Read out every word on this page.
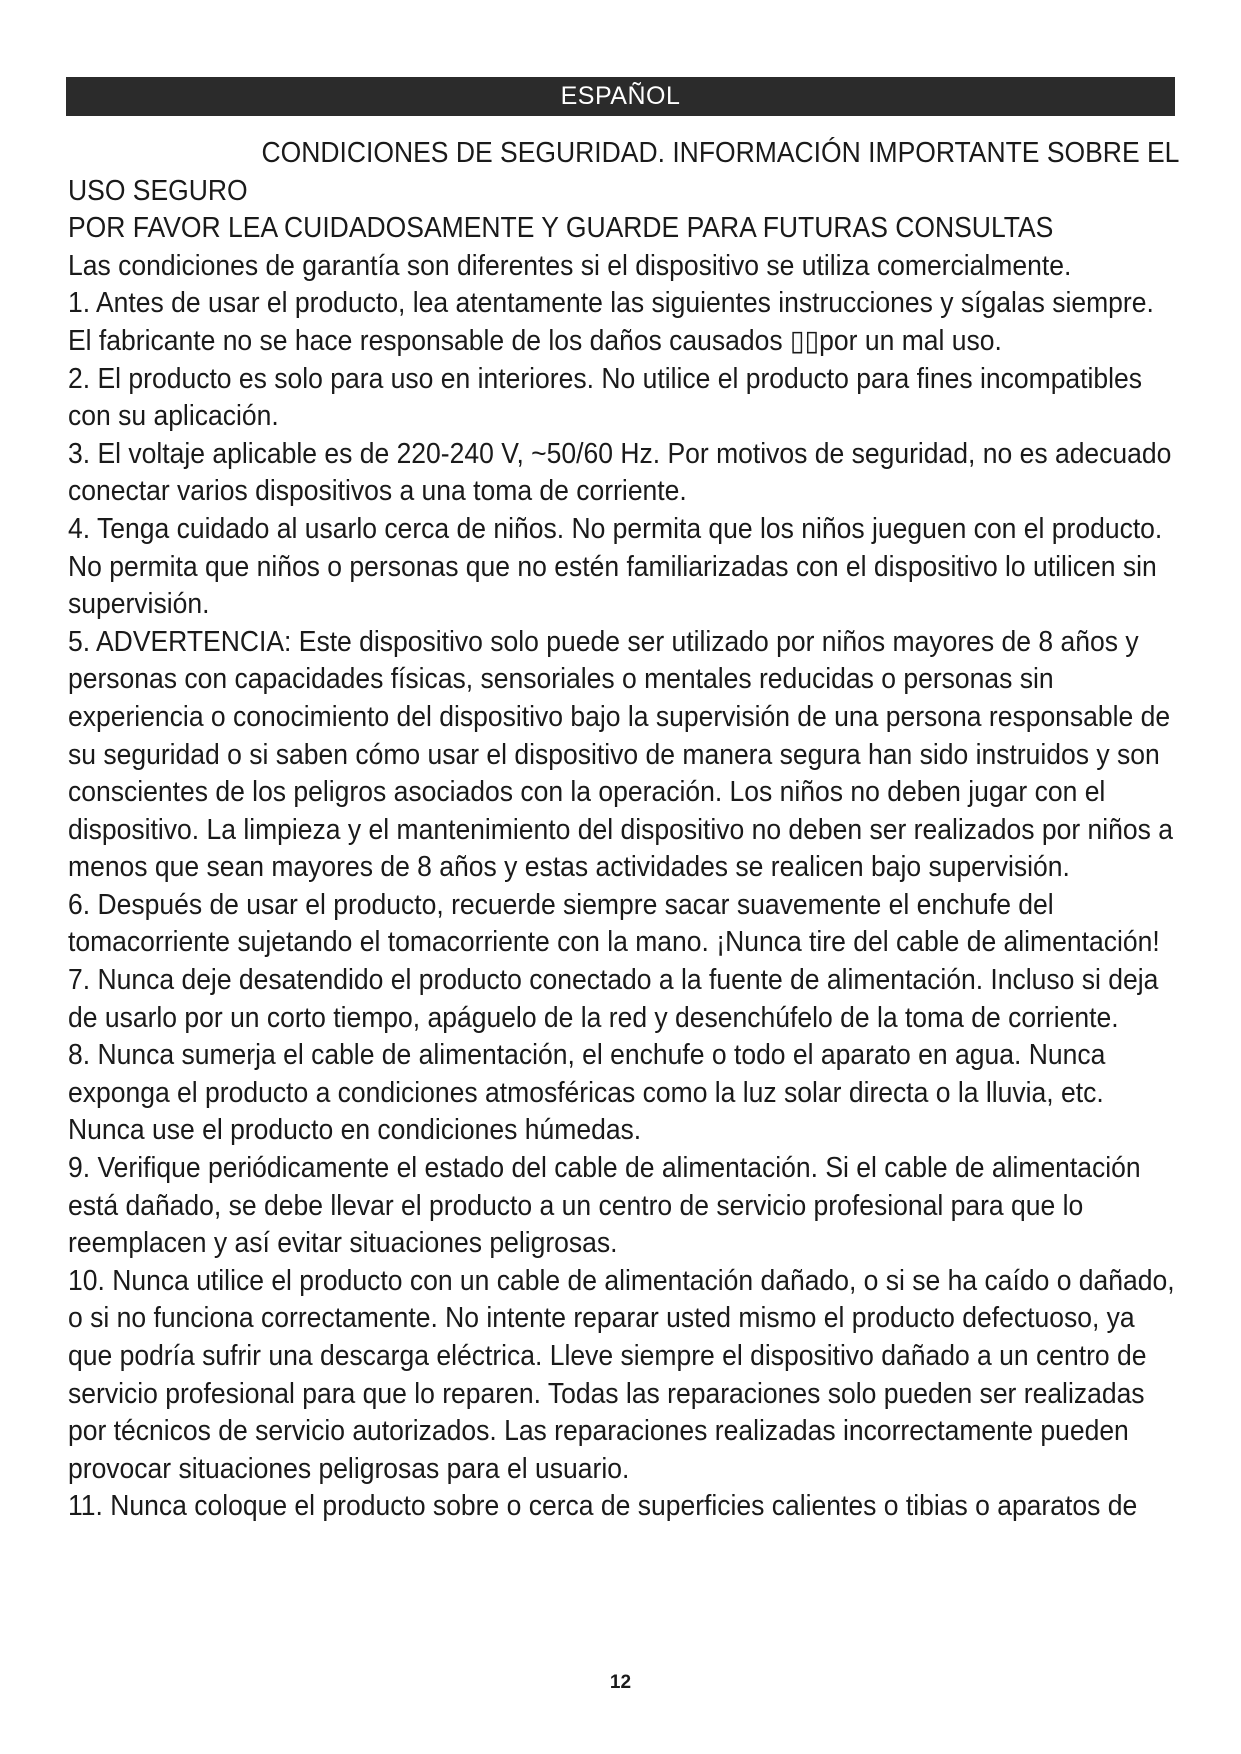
ESPAÑOL

CONDICIONES DE SEGURIDAD. INFORMACIÓN IMPORTANTE SOBRE EL USO SEGURO

POR FAVOR LEA CUIDADOSAMENTE Y GUARDE PARA FUTURAS CONSULTAS

Las condiciones de garantía son diferentes si el dispositivo se utiliza comercialmente.

1. Antes de usar el producto, lea atentamente las siguientes instrucciones y sígalas siempre. El fabricante no se hace responsable de los daños causados ▯▯por un mal uso.

2. El producto es solo para uso en interiores. No utilice el producto para fines incompatibles con su aplicación.

3. El voltaje aplicable es de 220-240 V, ~50/60 Hz. Por motivos de seguridad, no es adecuado conectar varios dispositivos a una toma de corriente.

4. Tenga cuidado al usarlo cerca de niños. No permita que los niños jueguen con el producto. No permita que niños o personas que no estén familiarizadas con el dispositivo lo utilicen sin supervisión.

5. ADVERTENCIA: Este dispositivo solo puede ser utilizado por niños mayores de 8 años y personas con capacidades físicas, sensoriales o mentales reducidas o personas sin experiencia o conocimiento del dispositivo bajo la supervisión de una persona responsable de su seguridad o si saben cómo usar el dispositivo de manera segura han sido instruidos y son conscientes de los peligros asociados con la operación. Los niños no deben jugar con el dispositivo. La limpieza y el mantenimiento del dispositivo no deben ser realizados por niños a menos que sean mayores de 8 años y estas actividades se realicen bajo supervisión.

6. Después de usar el producto, recuerde siempre sacar suavemente el enchufe del tomacorriente sujetando el tomacorriente con la mano. ¡Nunca tire del cable de alimentación!

7. Nunca deje desatendido el producto conectado a la fuente de alimentación. Incluso si deja de usarlo por un corto tiempo, apáguelo de la red y desenchúfelo de la toma de corriente.

8. Nunca sumerja el cable de alimentación, el enchufe o todo el aparato en agua. Nunca exponga el producto a condiciones atmosféricas como la luz solar directa o la lluvia, etc. Nunca use el producto en condiciones húmedas.

9. Verifique periódicamente el estado del cable de alimentación. Si el cable de alimentación está dañado, se debe llevar el producto a un centro de servicio profesional para que lo reemplacen y así evitar situaciones peligrosas.

10. Nunca utilice el producto con un cable de alimentación dañado, o si se ha caído o dañado, o si no funciona correctamente. No intente reparar usted mismo el producto defectuoso, ya que podría sufrir una descarga eléctrica. Lleve siempre el dispositivo dañado a un centro de servicio profesional para que lo reparen. Todas las reparaciones solo pueden ser realizadas por técnicos de servicio autorizados. Las reparaciones realizadas incorrectamente pueden provocar situaciones peligrosas para el usuario.

11. Nunca coloque el producto sobre o cerca de superficies calientes o tibias o aparatos de

12
